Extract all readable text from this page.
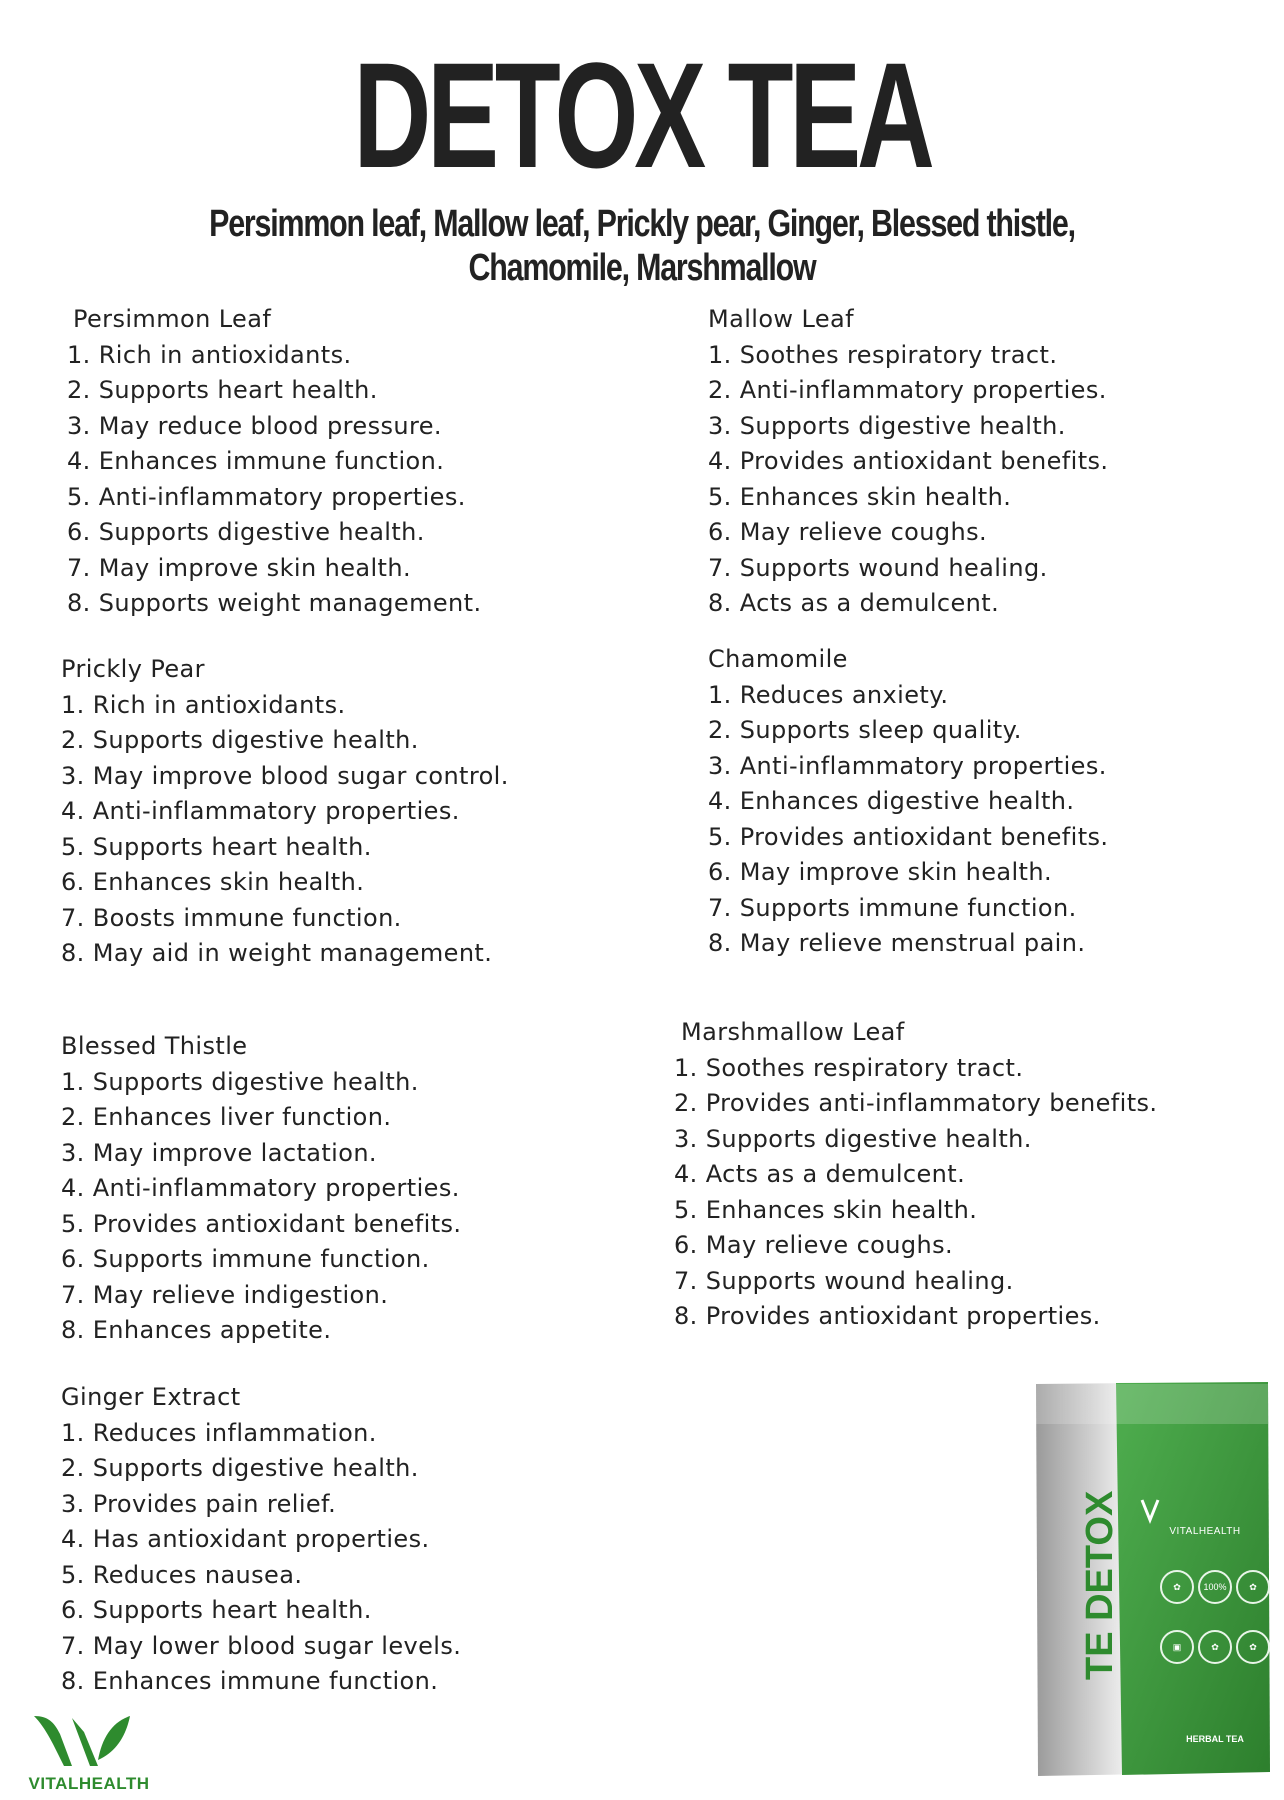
DETOX TEA
Persimmon leaf, Mallow leaf, Prickly pear, Ginger, Blessed thistle, Chamomile, Marshmallow
Persimmon Leaf
1. Rich in antioxidants.
2. Supports heart health.
3. May reduce blood pressure.
4. Enhances immune function.
5. Anti-inflammatory properties.
6. Supports digestive health.
7. May improve skin health.
8. Supports weight management.
Mallow Leaf
1. Soothes respiratory tract.
2. Anti-inflammatory properties.
3. Supports digestive health.
4. Provides antioxidant benefits.
5. Enhances skin health.
6. May relieve coughs.
7. Supports wound healing.
8. Acts as a demulcent.
Prickly Pear
1. Rich in antioxidants.
2. Supports digestive health.
3. May improve blood sugar control.
4. Anti-inflammatory properties.
5. Supports heart health.
6. Enhances skin health.
7. Boosts immune function.
8. May aid in weight management.
Chamomile
1. Reduces anxiety.
2. Supports sleep quality.
3. Anti-inflammatory properties.
4. Enhances digestive health.
5. Provides antioxidant benefits.
6. May improve skin health.
7. Supports immune function.
8. May relieve menstrual pain.
Blessed Thistle
1. Supports digestive health.
2. Enhances liver function.
3. May improve lactation.
4. Anti-inflammatory properties.
5. Provides antioxidant benefits.
6. Supports immune function.
7. May relieve indigestion.
8. Enhances appetite.
Marshmallow Leaf
1. Soothes respiratory tract.
2. Provides anti-inflammatory benefits.
3. Supports digestive health.
4. Acts as a demulcent.
5. Enhances skin health.
6. May relieve coughs.
7. Supports wound healing.
8. Provides antioxidant properties.
Ginger Extract
1. Reduces inflammation.
2. Supports digestive health.
3. Provides pain relief.
4. Has antioxidant properties.
5. Reduces nausea.
6. Supports heart health.
7. May lower blood sugar levels.
8. Enhances immune function.
VITALHEALTH
VITALHEALTH
TE DETOX	✿	100%	✿
▣	✿	✿
HERBAL TEA
